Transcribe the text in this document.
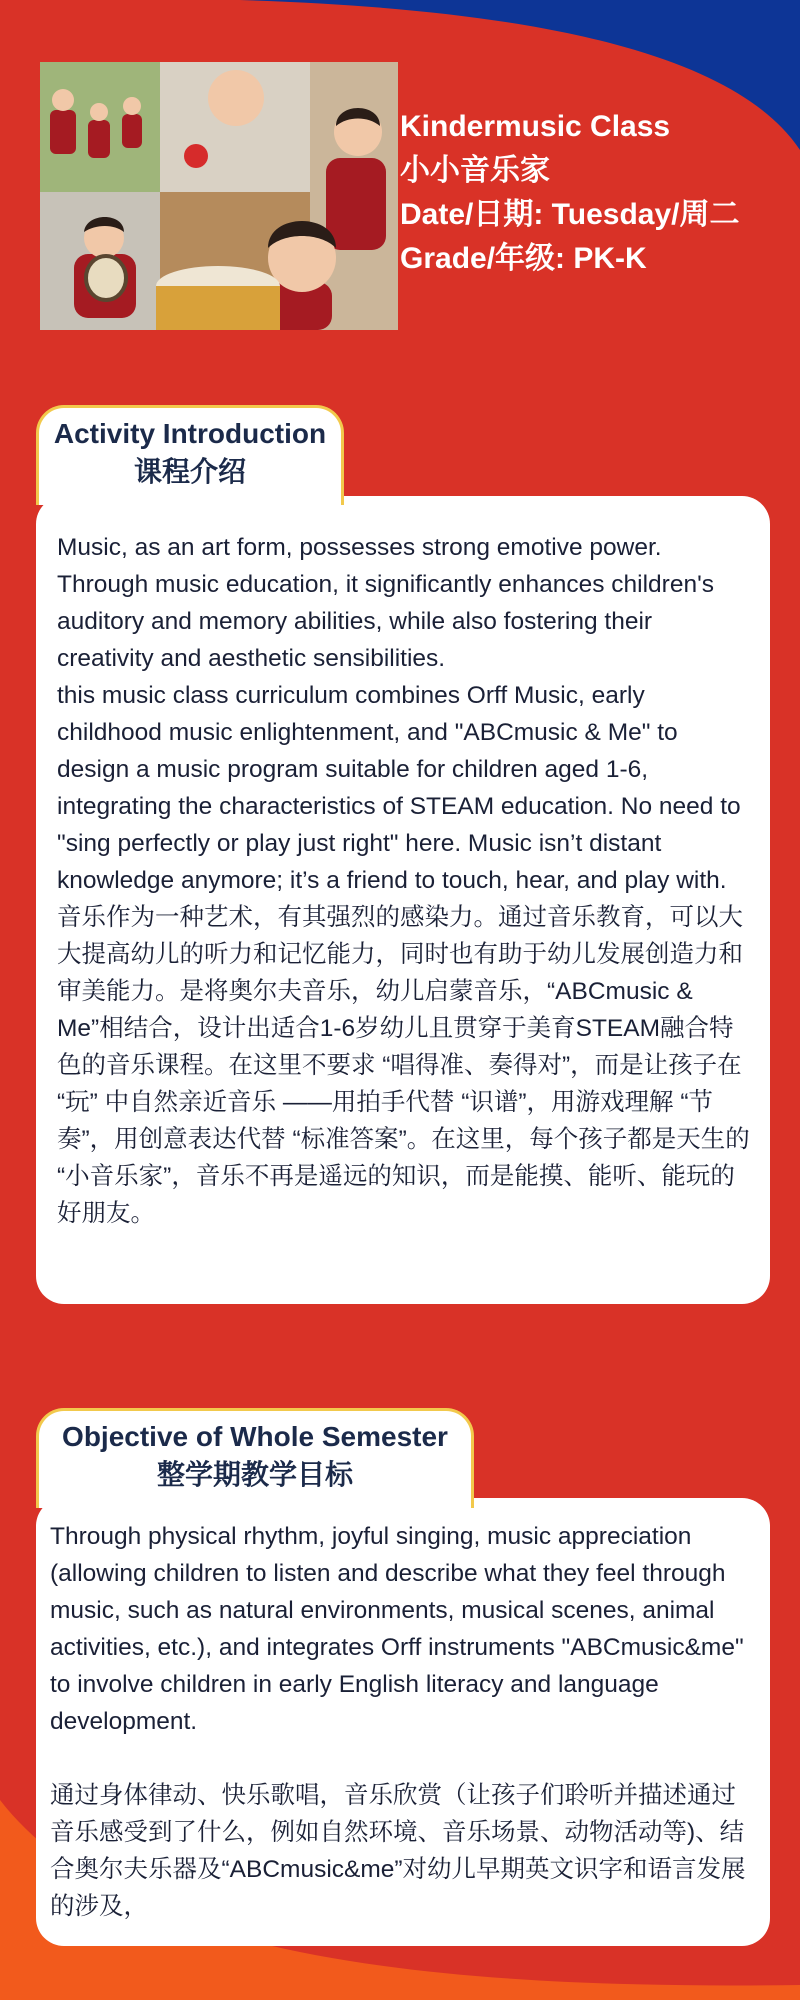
Kindermusic Class
小小音乐家
Date/日期: Tuesday/周二
Grade/年级: PK-K
Activity Introduction
课程介绍

Music, as an art form, possesses strong emotive power. Through music education, it significantly enhances children's auditory and memory abilities, while also fostering their creativity and aesthetic sensibilities.

this music class curriculum combines Orff Music, early childhood music enlightenment, and "ABCmusic & Me" to design a music program suitable for children aged 1-6, integrating the characteristics of STEAM education. No need to "sing perfectly or play just right" here. Music isn’t distant knowledge anymore; it’s a friend to touch, hear, and play with.

音乐作为一种艺术，有其强烈的感染力。通过音乐教育，可以大大提高幼儿的听力和记忆能力，同时也有助于幼儿发展创造力和审美能力。是将奥尔夫音乐，幼儿启蒙音乐，“ABCmusic & Me”相结合，设计出适合1-6岁幼儿且贯穿于美育STEAM融合特色的音乐课程。在这里不要求 “唱得准、奏得对”，而是让孩子在 “玩” 中自然亲近音乐 ——用拍手代替 “识谱”，用游戏理解 “节奏”，用创意表达代替 “标准答案”。在这里，每个孩子都是天生的 “小音乐家”，音乐不再是遥远的知识，而是能摸、能听、能玩的好朋友。

Objective of Whole Semester
整学期教学目标

Through physical rhythm, joyful singing, music appreciation (allowing children to listen and describe what they feel through music, such as natural environments, musical scenes, animal activities, etc.), and integrates Orff instruments "ABCmusic&me" to involve children in early English literacy and language development.

通过身体律动、快乐歌唱，音乐欣赏（让孩子们聆听并描述通过音乐感受到了什么，例如自然环境、音乐场景、动物活动等)、结合奥尔夫乐器及“ABCmusic&me”对幼儿早期英文识字和语言发展的涉及，
